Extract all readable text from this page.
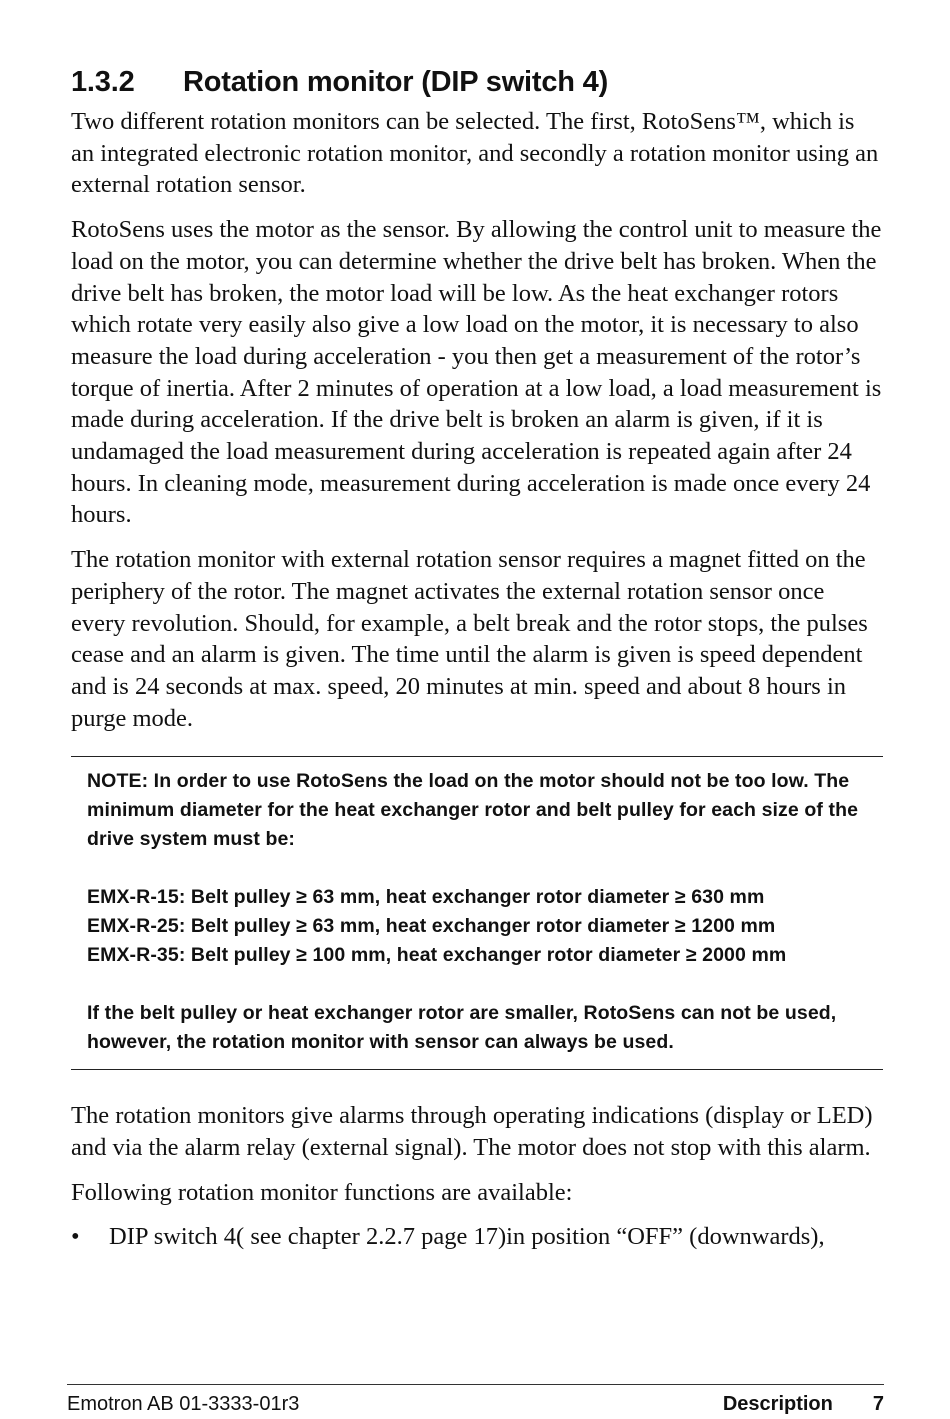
1.3.2 Rotation monitor (DIP switch 4)

Two different rotation monitors can be selected. The first, RotoSens™, which is an integrated electronic rotation monitor, and secondly a rotation monitor using an external rotation sensor.

RotoSens uses the motor as the sensor. By allowing the control unit to measure the load on the motor, you can determine whether the drive belt has broken. When the drive belt has broken, the motor load will be low. As the heat exchanger rotors which rotate very easily also give a low load on the motor, it is necessary to also measure the load during acceleration - you then get a measurement of the rotor’s torque of inertia. After 2 minutes of operation at a low load, a load measurement is made during acceleration. If the drive belt is broken an alarm is given, if it is undamaged the load measurement during acceleration is repeated again after 24 hours. In cleaning mode, measurement during acceleration is made once every 24 hours.

The rotation monitor with external rotation sensor requires a magnet fitted on the periphery of the rotor. The magnet activates the external rotation sensor once every revolution. Should, for example, a belt break and the rotor stops, the pulses cease and an alarm is given. The time until the alarm is given is speed dependent and is 24 seconds at max. speed, 20 minutes at min. speed and about 8 hours in purge mode.

NOTE: In order to use RotoSens the load on the motor should not be too low. The minimum diameter for the heat exchanger rotor and belt pulley for each size of the drive system must be:

EMX-R-15: Belt pulley ≥ 63 mm, heat exchanger rotor diameter ≥ 630 mm

EMX-R-25: Belt pulley ≥ 63 mm, heat exchanger rotor diameter ≥ 1200 mm

EMX-R-35: Belt pulley ≥ 100 mm, heat exchanger rotor diameter ≥ 2000 mm

If the belt pulley or heat exchanger rotor are smaller, RotoSens can not be used, however, the rotation monitor with sensor can always be used.

The rotation monitors give alarms through operating indications (display or LED) and via the alarm relay (external signal). The motor does not stop with this alarm.

Following rotation monitor functions are available:

• DIP switch 4( see chapter 2.2.7 page 17)in position “OFF” (downwards),
Emotron AB 01-3333-01r3	Description 7
